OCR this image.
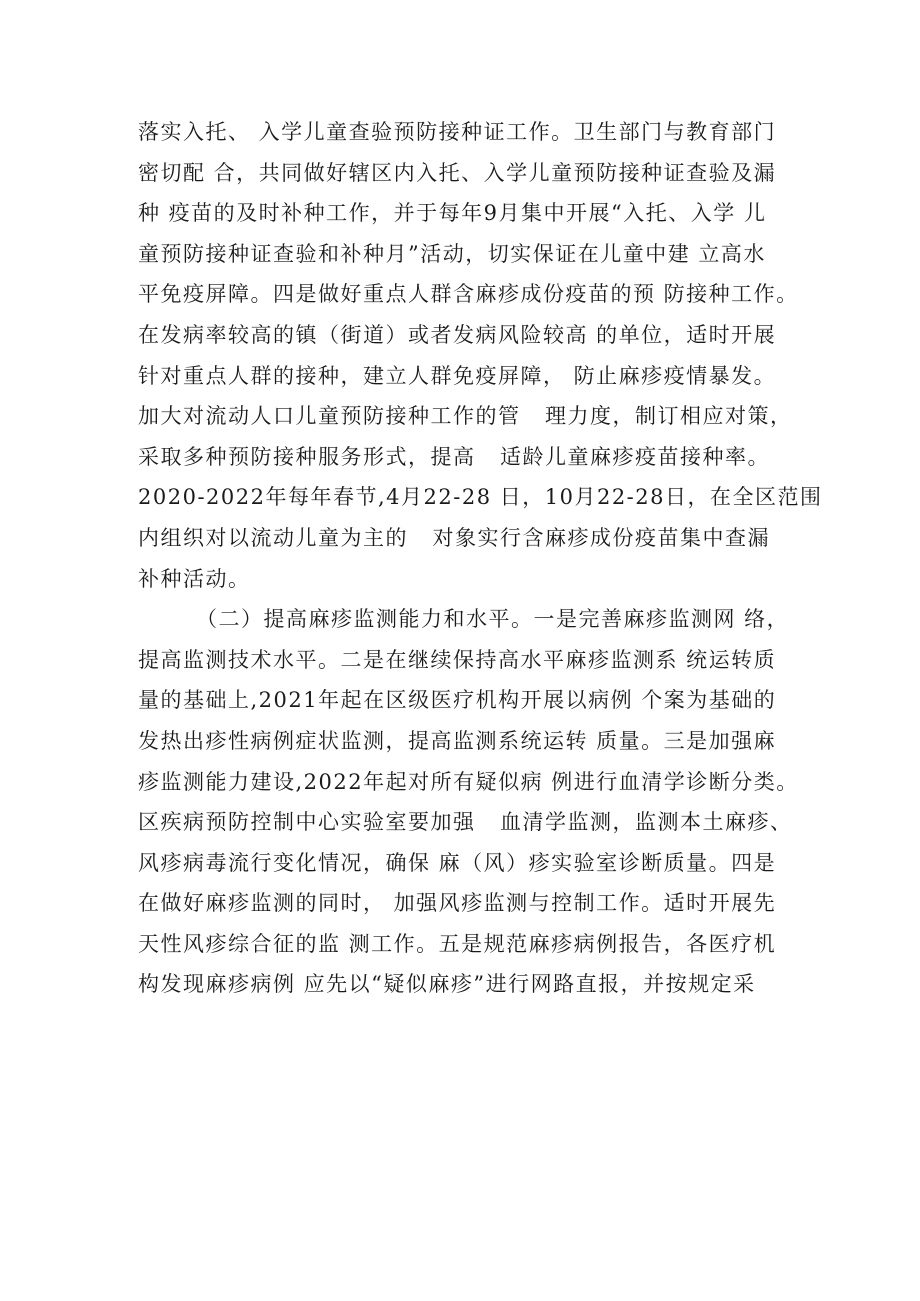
落实入托、 入学儿童查验预防接种证工作。卫生部门与教育部门
密切配 合，共同做好辖区内入托、入学儿童预防接种证查验及漏
种 疫苗的及时补种工作，并于每年9月集中开展“入托、入学 儿
童预防接种证查验和补种月”活动，切实保证在儿童中建 立高水
平免疫屏障。四是做好重点人群含麻疹成份疫苗的预 防接种工作。
在发病率较高的镇（街道）或者发病风险较高 的单位，适时开展
针对重点人群的接种，建立人群免疫屏障， 防止麻疹疫情暴发。
加大对流动人口儿童预防接种工作的管   理力度，制订相应对策，
采取多种预防接种服务形式，提高   适龄儿童麻疹疫苗接种率。
2020-2022年每年春节,4月22-28 日，10月22-28日，在全区范围
内组织对以流动儿童为主的   对象实行含麻疹成份疫苗集中查漏
补种活动。
（二）提高麻疹监测能力和水平。一是完善麻疹监测网 络，
提高监测技术水平。二是在继续保持高水平麻疹监测系 统运转质
量的基础上,2021年起在区级医疗机构开展以病例 个案为基础的
发热出疹性病例症状监测，提高监测系统运转 质量。三是加强麻
疹监测能力建设,2022年起对所有疑似病 例进行血清学诊断分类。
区疾病预防控制中心实验室要加强   血清学监测，监测本土麻疹、
风疹病毒流行变化情况，确保 麻（风）疹实验室诊断质量。四是
在做好麻疹监测的同时， 加强风疹监测与控制工作。适时开展先
天性风疹综合征的监 测工作。五是规范麻疹病例报告，各医疗机
构发现麻疹病例 应先以“疑似麻疹”进行网路直报，并按规定采
